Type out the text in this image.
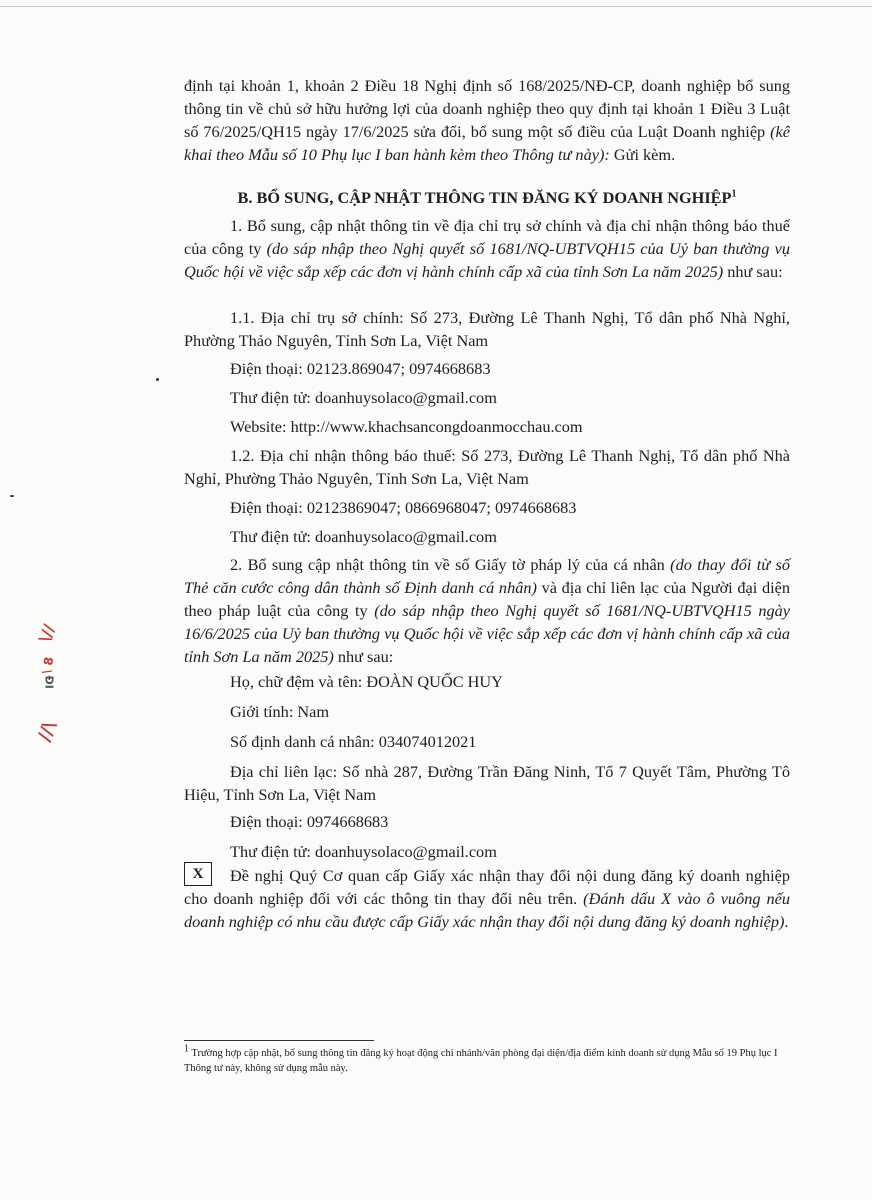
định tại khoản 1, khoản 2 Điều 18 Nghị định số 168/2025/NĐ-CP, doanh nghiệp bổ sung thông tin về chủ sở hữu hưởng lợi của doanh nghiệp theo quy định tại khoản 1 Điều 3 Luật số 76/2025/QH15 ngày 17/6/2025 sửa đổi, bổ sung một số điều của Luật Doanh nghiệp (kê khai theo Mẫu số 10 Phụ lục I ban hành kèm theo Thông tư này): Gửi kèm.

B. BỔ SUNG, CẬP NHẬT THÔNG TIN ĐĂNG KÝ DOANH NGHIỆP$^1$

1. Bổ sung, cập nhật thông tin về địa chỉ trụ sở chính và địa chỉ nhận thông báo thuế của công ty (do sáp nhập theo Nghị quyết số 1681/NQ-UBTVQH15 của Uỷ ban thường vụ Quốc hội về việc sắp xếp các đơn vị hành chính cấp xã của tỉnh Sơn La năm 2025) như sau:

1.1. Địa chỉ trụ sở chính: Số 273, Đường Lê Thanh Nghị, Tổ dân phố Nhà Nghỉ, Phường Thảo Nguyên, Tỉnh Sơn La, Việt Nam

Điện thoại: 02123.869047; 0974668683

Thư điện tử: doanhuysolaco@gmail.com

Website: http://www.khachsancongdoanmocchau.com

1.2. Địa chỉ nhận thông báo thuế: Số 273, Đường Lê Thanh Nghị, Tổ dân phố Nhà Nghỉ, Phường Thảo Nguyên, Tỉnh Sơn La, Việt Nam

Điện thoại: 02123869047; 0866968047; 0974668683

Thư điện tử: doanhuysolaco@gmail.com

2. Bổ sung cập nhật thông tin về số Giấy tờ pháp lý của cá nhân (do thay đổi từ số Thẻ căn cước công dân thành số Định danh cá nhân) và địa chỉ liên lạc của Người đại diện theo pháp luật của công ty (do sáp nhập theo Nghị quyết số 1681/NQ-UBTVQH15 ngày 16/6/2025 của Uỷ ban thường vụ Quốc hội về việc sắp xếp các đơn vị hành chính cấp xã của tỉnh Sơn La năm 2025) như sau:

Họ, chữ đệm và tên: ĐOÀN QUỐC HUY

Giới tính: Nam

Số định danh cá nhân: 034074012021

Địa chỉ liên lạc: Số nhà 287, Đường Trần Đăng Ninh, Tổ 7 Quyết Tâm, Phường Tô Hiệu, Tỉnh Sơn La, Việt Nam

Điện thoại: 0974668683

Thư điện tử: doanhuysolaco@gmail.com

X	Đề nghị Quý Cơ quan cấp Giấy xác nhận thay đổi nội dung đăng ký doanh nghiệp cho doanh nghiệp đối với các thông tin thay đổi nêu trên. (Đánh dấu X vào ô vuông nếu doanh nghiệp có nhu cầu được cấp Giấy xác nhận thay đổi nội dung đăng ký doanh nghiệp).

$^1$ Trường hợp cập nhật, bổ sung thông tin đăng ký hoạt động chi nhánh/văn phòng đại diện/địa điểm kinh doanh sử dụng Mẫu số 19 Phụ lục I Thông tư này, không sử dụng mẫu này.

\//
\ 8
ĐI
//\
